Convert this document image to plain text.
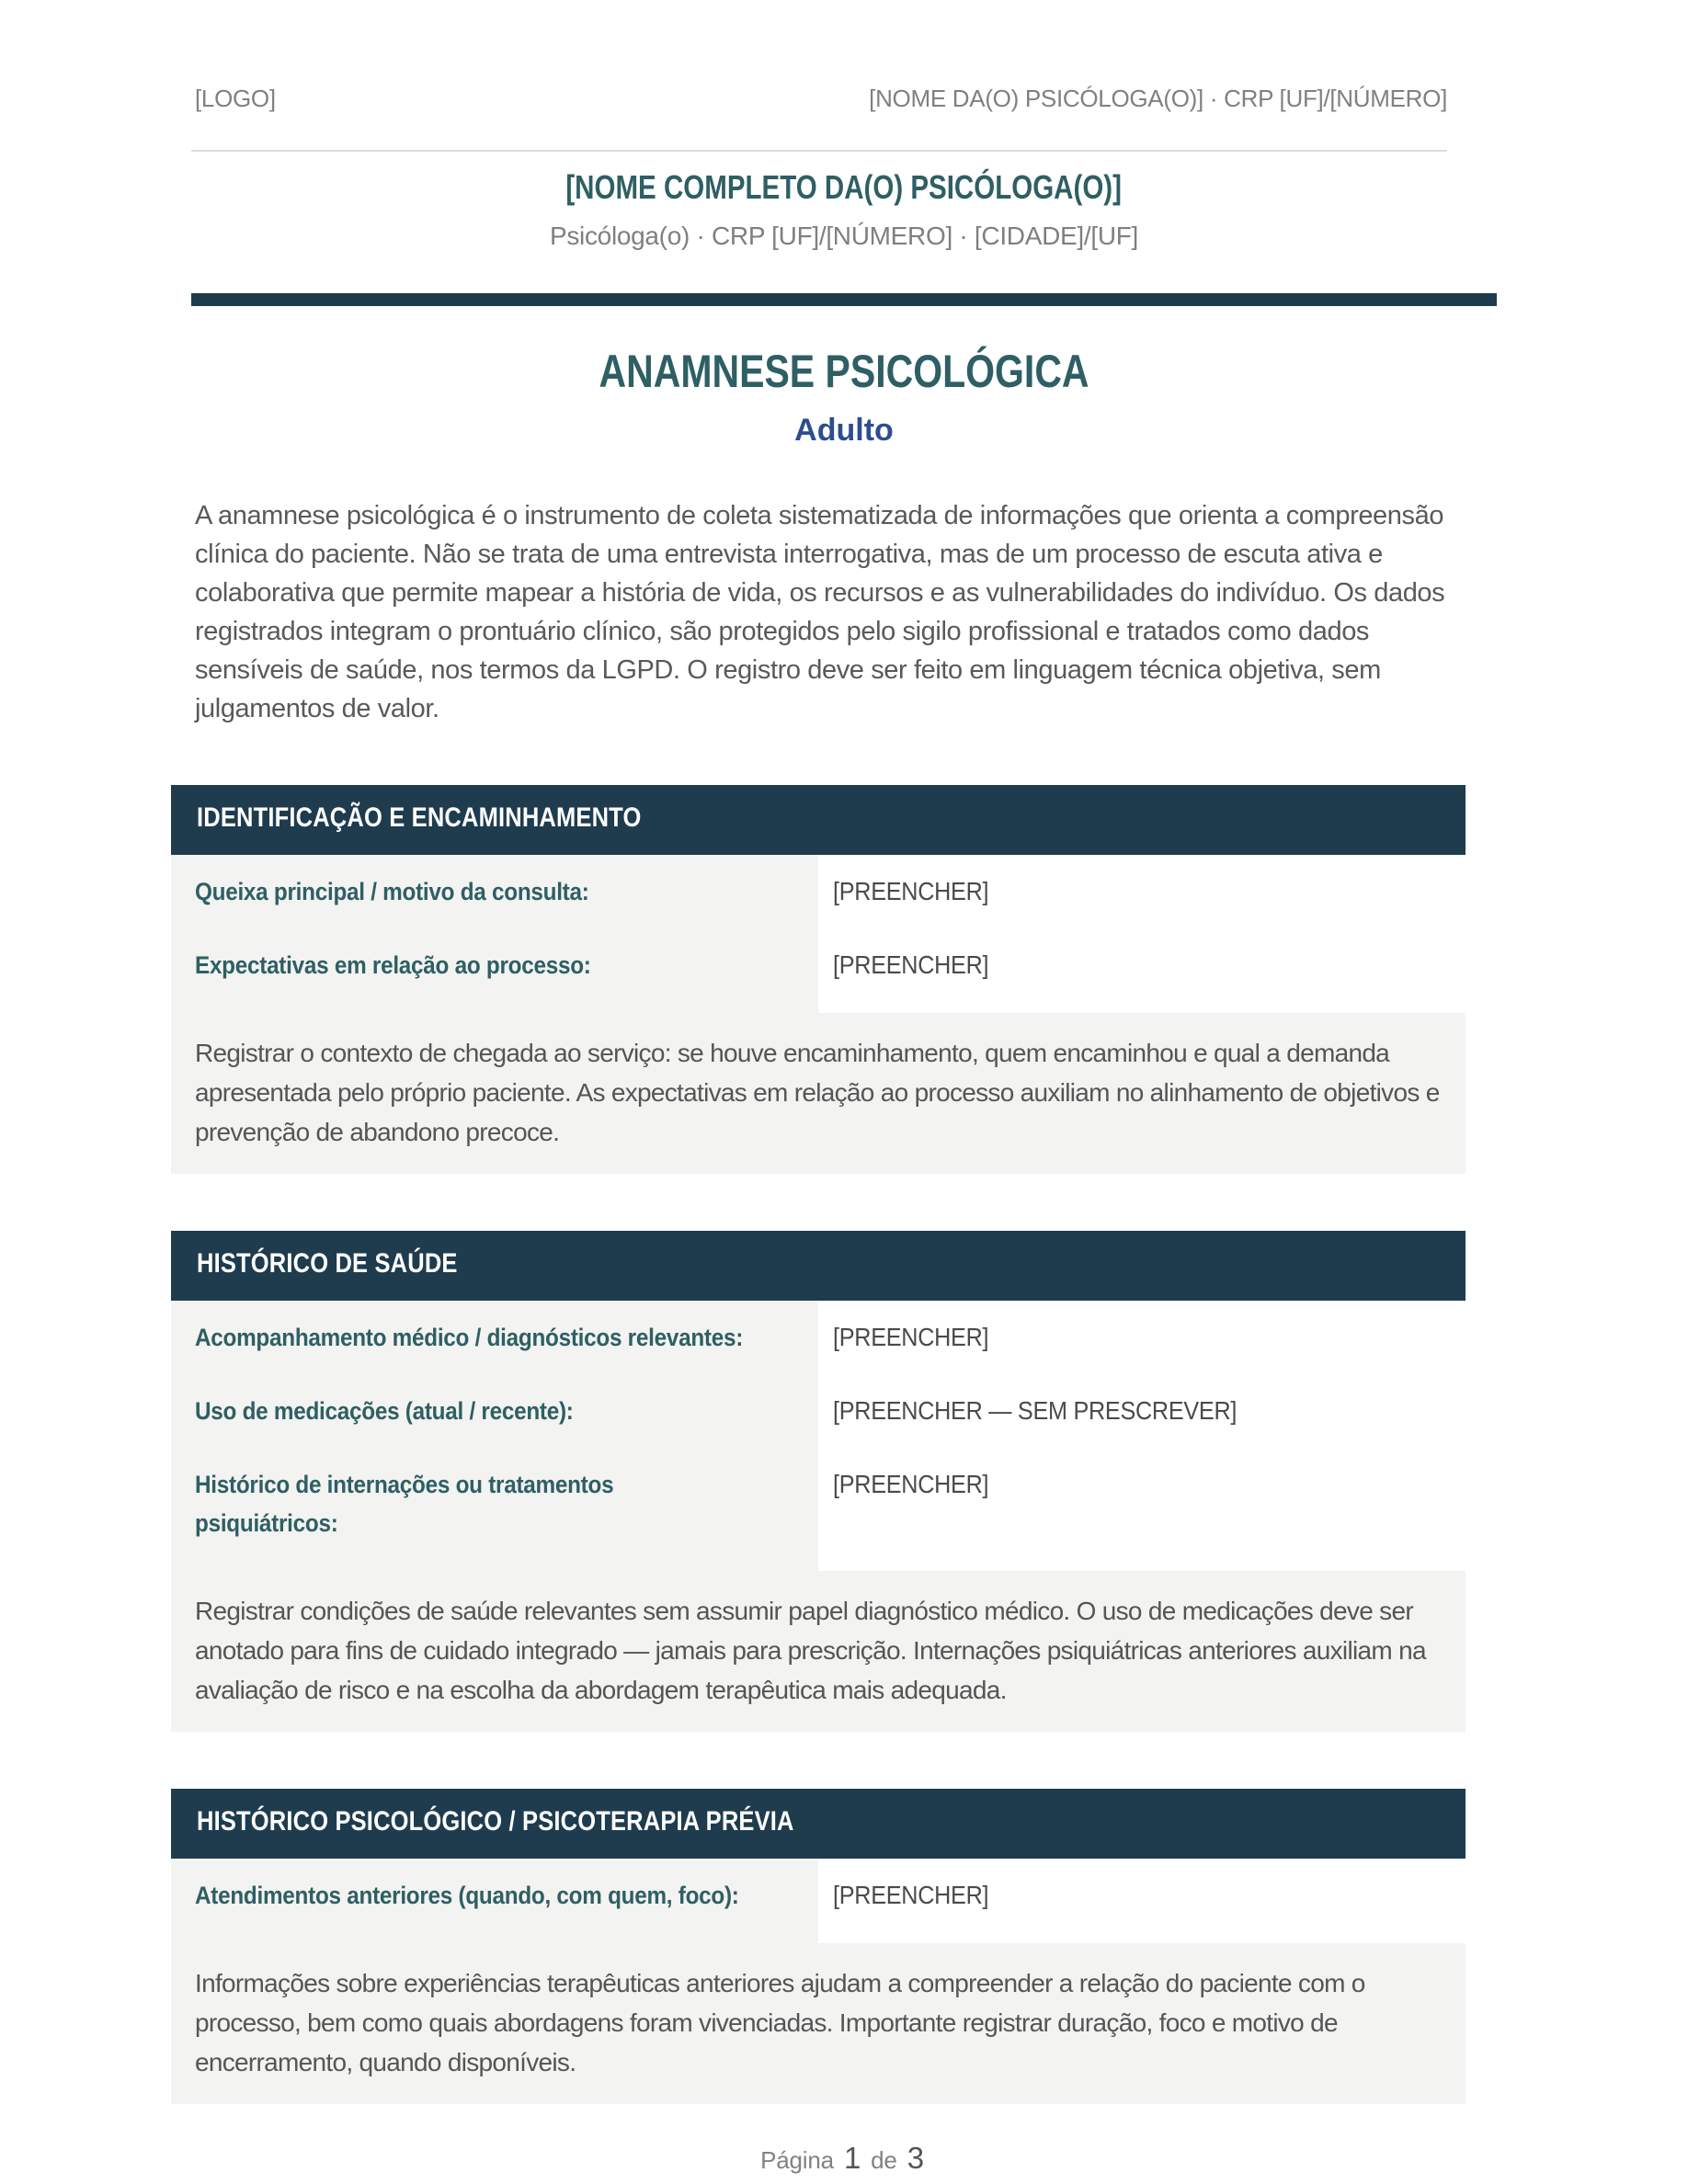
[LOGO]	[NOME DA(O) PSICÓLOGA(O)] · CRP [UF]/[NÚMERO]
[NOME COMPLETO DA(O) PSICÓLOGA(O)]
Psicóloga(o) · CRP [UF]/[NÚMERO] · [CIDADE]/[UF]
ANAMNESE PSICOLÓGICA
Adulto

A anamnese psicológica é o instrumento de coleta sistematizada de informações que orienta a compreensão clínica do paciente. Não se trata de uma entrevista interrogativa, mas de um processo de escuta ativa e colaborativa que permite mapear a história de vida, os recursos e as vulnerabilidades do indivíduo. Os dados registrados integram o prontuário clínico, são protegidos pelo sigilo profissional e tratados como dados sensíveis de saúde, nos termos da LGPD. O registro deve ser feito em linguagem técnica objetiva, sem julgamentos de valor.

IDENTIFICAÇÃO E ENCAMINHAMENTO
Queixa principal / motivo da consulta:	[PREENCHER]
Expectativas em relação ao processo:	[PREENCHER]
Registrar o contexto de chegada ao serviço: se houve encaminhamento, quem encaminhou e qual a demanda apresentada pelo próprio paciente. As expectativas em relação ao processo auxiliam no alinhamento de objetivos e prevenção de abandono precoce.
HISTÓRICO DE SAÚDE
Acompanhamento médico / diagnósticos relevantes:	[PREENCHER]
Uso de medicações (atual / recente):	[PREENCHER — SEM PRESCREVER]
Histórico de internações ou tratamentos psiquiátricos:
[PREENCHER]
Registrar condições de saúde relevantes sem assumir papel diagnóstico médico. O uso de medicações deve ser anotado para fins de cuidado integrado — jamais para prescrição. Internações psiquiátricas anteriores auxiliam na avaliação de risco e na escolha da abordagem terapêutica mais adequada.
HISTÓRICO PSICOLÓGICO / PSICOTERAPIA PRÉVIA
Atendimentos anteriores (quando, com quem, foco):	[PREENCHER]
Informações sobre experiências terapêuticas anteriores ajudam a compreender a relação do paciente com o processo, bem como quais abordagens foram vivenciadas. Importante registrar duração, foco e motivo de encerramento, quando disponíveis.
Página 1 de 3
